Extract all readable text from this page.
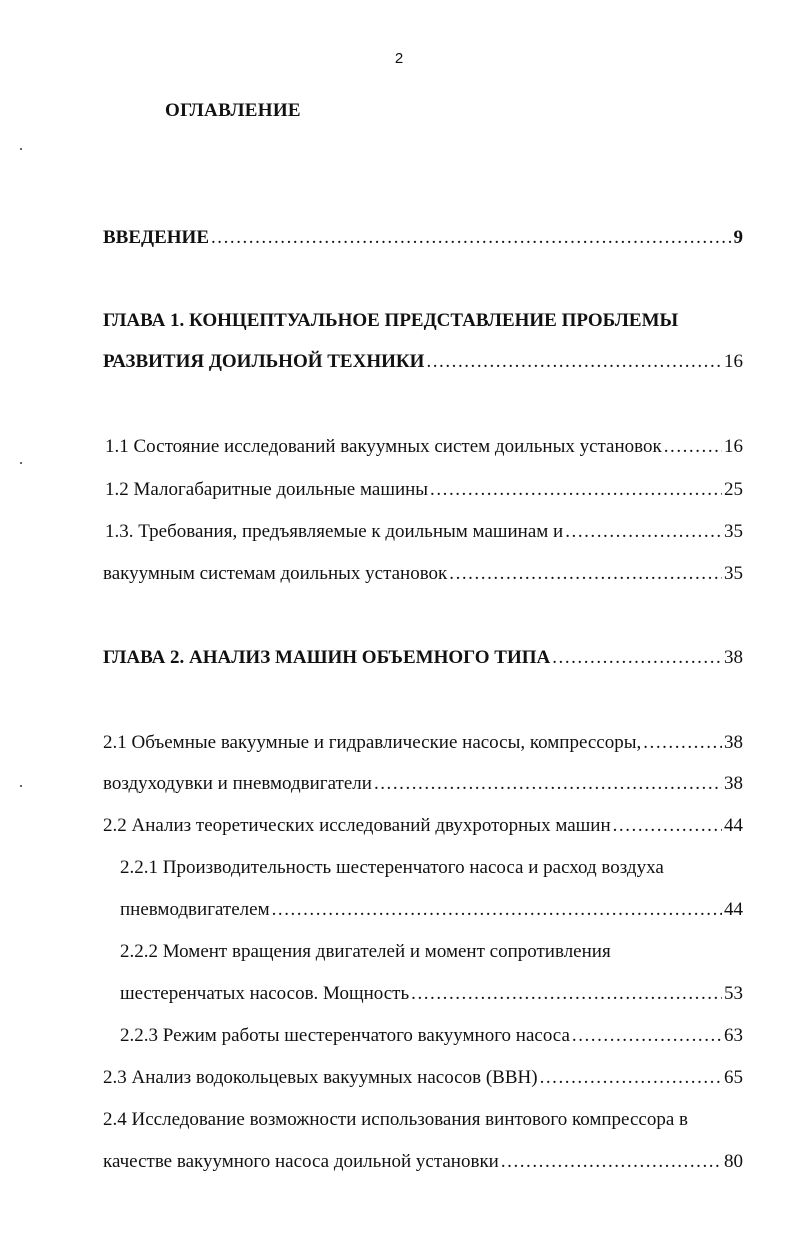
2
ОГЛАВЛЕНИЕ
ВВЕДЕНИЕ . . .	9
ГЛАВА 1. КОНЦЕПТУАЛЬНОЕ ПРЕДСТАВЛЕНИЕ ПРОБЛЕМЫ
РАЗВИТИЯ ДОИЛЬНОЙ ТЕХНИКИ . . .	16
1.1 Состояние исследований вакуумных систем доильных установок . . .	16
1.2 Малогабаритные доильные машины . . .	25
1.3. Требования, предъявляемые к доильным машинам и . . .	35
вакуумным системам доильных установок . . .	35
ГЛАВА 2. АНАЛИЗ МАШИН ОБЪЕМНОГО ТИПА . . .	38
2.1 Объемные вакуумные и гидравлические насосы, компрессоры, . . .	38
воздуходувки и пневмодвигатели . . .	38
2.2 Анализ теоретических исследований двухроторных машин . . .	44
2.2.1 Производительность шестеренчатого насоса и расход воздуха
пневмодвигателем . . .	44
2.2.2 Момент вращения двигателей и момент сопротивления
шестеренчатых насосов. Мощность . . .	53
2.2.3 Режим работы шестеренчатого вакуумного насоса . . .	63
2.3 Анализ водокольцевых вакуумных насосов (ВВН) . . .	65
2.4 Исследование возможности использования винтового компрессора в
качестве вакуумного насоса доильной установки . . .	80
